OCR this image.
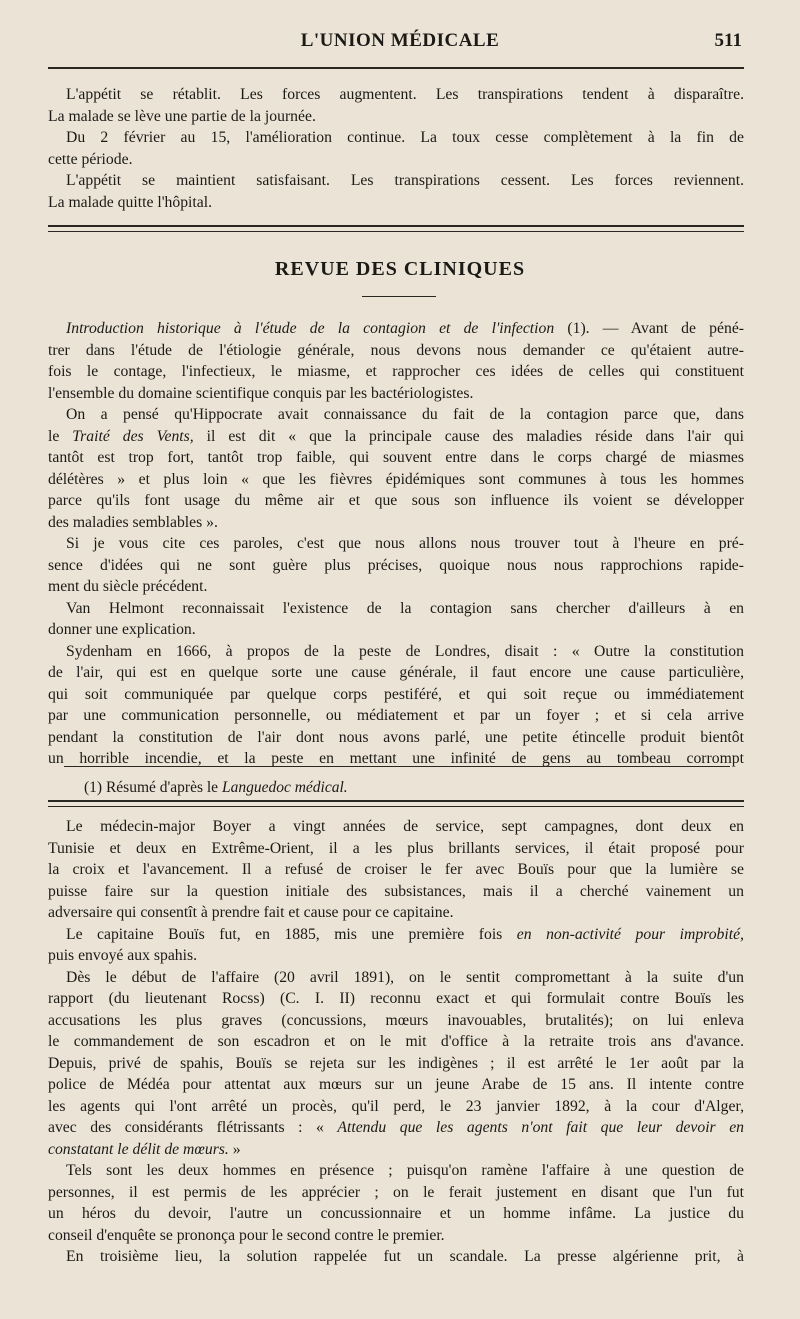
L'UNION MÉDICALE	511
L'appétit se rétablit. Les forces augmentent. Les transpirations tendent à disparaître.
La malade se lève une partie de la journée.
Du 2 février au 15, l'amélioration continue. La toux cesse complètement à la fin de
cette période.
L'appétit se maintient satisfaisant. Les transpirations cessent. Les forces reviennent.
La malade quitte l'hôpital.
REVUE DES CLINIQUES
Introduction historique à l'étude de la contagion et de l'infection (1). — Avant de péné-
trer dans l'étude de l'étiologie générale, nous devons nous demander ce qu'étaient autre-
fois le contage, l'infectieux, le miasme, et rapprocher ces idées de celles qui constituent
l'ensemble du domaine scientifique conquis par les bactériologistes.
On a pensé qu'Hippocrate avait connaissance du fait de la contagion parce que, dans
le Traité des Vents, il est dit « que la principale cause des maladies réside dans l'air qui
tantôt est trop fort, tantôt trop faible, qui souvent entre dans le corps chargé de miasmes
délétères » et plus loin « que les fièvres épidémiques sont communes à tous les hommes
parce qu'ils font usage du même air et que sous son influence ils voient se développer
des maladies semblables ».
Si je vous cite ces paroles, c'est que nous allons nous trouver tout à l'heure en pré-
sence d'idées qui ne sont guère plus précises, quoique nous nous rapprochions rapide-
ment du siècle précédent.
Van Helmont reconnaissait l'existence de la contagion sans chercher d'ailleurs à en
donner une explication.
Sydenham en 1666, à propos de la peste de Londres, disait : « Outre la constitution
de l'air, qui est en quelque sorte une cause générale, il faut encore une cause particulière,
qui soit communiquée par quelque corps pestiféré, et qui soit reçue ou immédiatement
par une communication personnelle, ou médiatement et par un foyer ; et si cela arrive
pendant la constitution de l'air dont nous avons parlé, une petite étincelle produit bientôt
un horrible incendie, et la peste en mettant une infinité de gens au tombeau corrompt
(1) Résumé d'après le Languedoc médical.
Le médecin-major Boyer a vingt années de service, sept campagnes, dont deux en
Tunisie et deux en Extrême-Orient, il a les plus brillants services, il était proposé pour
la croix et l'avancement. Il a refusé de croiser le fer avec Bouïs pour que la lumière se
puisse faire sur la question initiale des subsistances, mais il a cherché vainement un
adversaire qui consentît à prendre fait et cause pour ce capitaine.
Le capitaine Bouïs fut, en 1885, mis une première fois en non-activité pour improbité,
puis envoyé aux spahis.
Dès le début de l'affaire (20 avril 1891), on le sentit compromettant à la suite d'un
rapport (du lieutenant Rocss) (C. I. II) reconnu exact et qui formulait contre Bouïs les
accusations les plus graves (concussions, mœurs inavouables, brutalités); on lui enleva
le commandement de son escadron et on le mit d'office à la retraite trois ans d'avance.
Depuis, privé de spahis, Bouïs se rejeta sur les indigènes ; il est arrêté le 1er août par la
police de Médéa pour attentat aux mœurs sur un jeune Arabe de 15 ans. Il intente contre
les agents qui l'ont arrêté un procès, qu'il perd, le 23 janvier 1892, à la cour d'Alger,
avec des considérants flétrissants : « Attendu que les agents n'ont fait que leur devoir en
constatant le délit de mœurs. »
Tels sont les deux hommes en présence ; puisqu'on ramène l'affaire à une question de
personnes, il est permis de les apprécier ; on le ferait justement en disant que l'un fut
un héros du devoir, l'autre un concussionnaire et un homme infâme. La justice du
conseil d'enquête se prononça pour le second contre le premier.
En troisième lieu, la solution rappelée fut un scandale. La presse algérienne prit, à
